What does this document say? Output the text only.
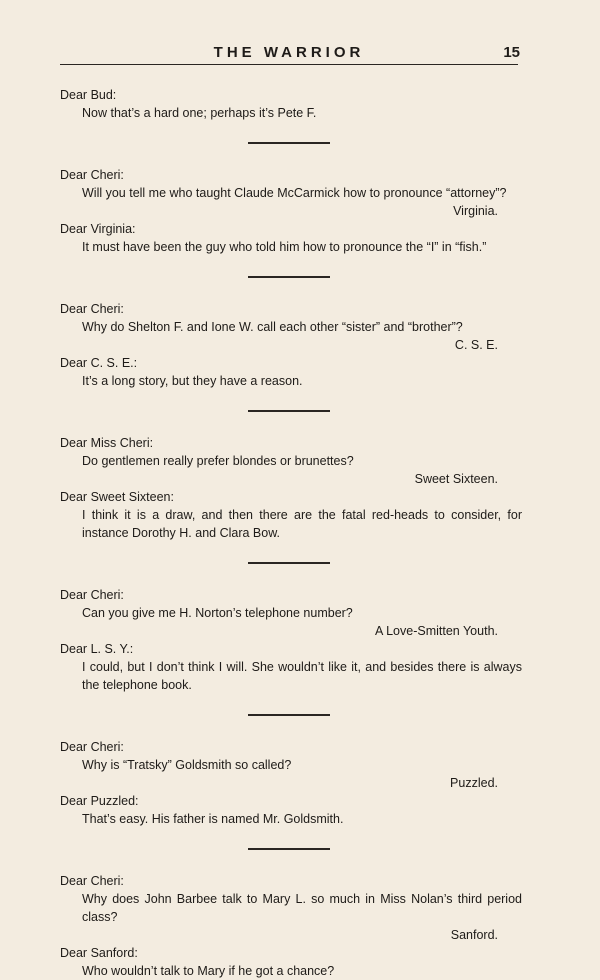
THE WARRIOR	15

Dear Bud:

Now that’s a hard one; perhaps it’s Pete F.

Dear Cheri:

Will you tell me who taught Claude McCarmick how to pronounce “attorney”?

Virginia.

Dear Virginia:

It must have been the guy who told him how to pronounce the “I” in “fish.”

Dear Cheri:

Why do Shelton F. and Ione W. call each other “sister” and “brother”?

C. S. E.

Dear C. S. E.:

It’s a long story, but they have a reason.

Dear Miss Cheri:

Do gentlemen really prefer blondes or brunettes?

Sweet Sixteen.

Dear Sweet Sixteen:

I think it is a draw, and then there are the fatal red-heads to consider, for instance Dorothy H. and Clara Bow.

Dear Cheri:

Can you give me H. Norton’s telephone number?

A Love-Smitten Youth.

Dear L. S. Y.:

I could, but I don’t think I will. She wouldn’t like it, and besides there is always the telephone book.

Dear Cheri:

Why is “Tratsky” Goldsmith so called?

Puzzled.

Dear Puzzled:

That’s easy. His father is named Mr. Goldsmith.

Dear Cheri:

Why does John Barbee talk to Mary L. so much in Miss Nolan’s third period class?

Sanford.

Dear Sanford:

Who wouldn’t talk to Mary if he got a chance?
